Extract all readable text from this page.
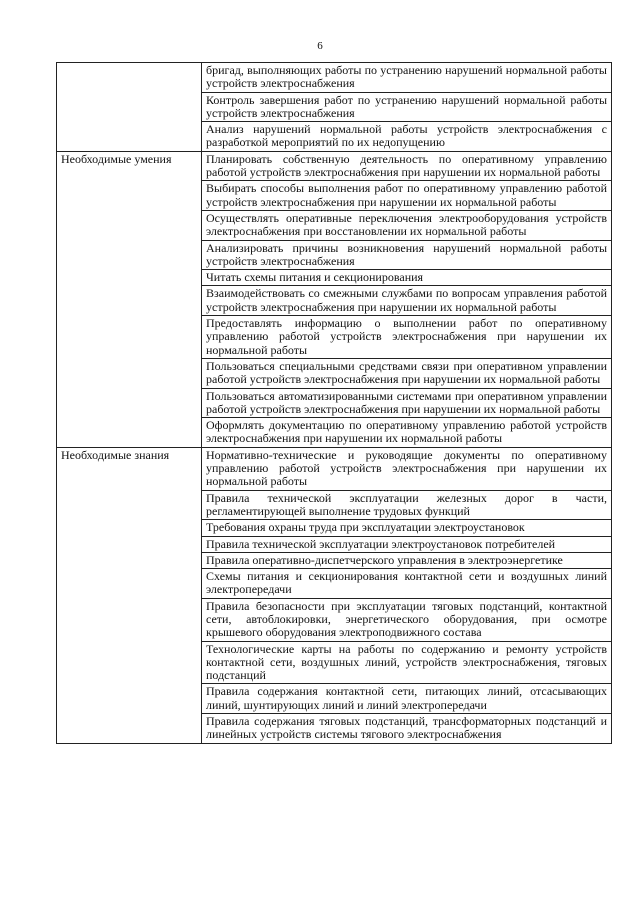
6
	бригад, выполняющих работы по устранению нарушений нормальной работы устройств электроснабжения
	Контроль завершения работ по устранению нарушений нормальной работы устройств электроснабжения
	Анализ нарушений нормальной работы устройств электроснабжения с разработкой мероприятий по их недопущению
Необходимые умения	Планировать собственную деятельность по оперативному управлению работой устройств электроснабжения при нарушении их нормальной работы
	Выбирать способы выполнения работ по оперативному управлению работой устройств электроснабжения при нарушении их нормальной работы
	Осуществлять оперативные переключения электрооборудования устройств электроснабжения при восстановлении их нормальной работы
	Анализировать причины возникновения нарушений нормальной работы устройств электроснабжения
	Читать схемы питания и секционирования
	Взаимодействовать со смежными службами по вопросам управления работой устройств электроснабжения при нарушении их нормальной работы
	Предоставлять информацию о выполнении работ по оперативному управлению работой устройств электроснабжения при нарушении их нормальной работы
	Пользоваться специальными средствами связи при оперативном управлении работой устройств электроснабжения при нарушении их нормальной работы
	Пользоваться автоматизированными системами при оперативном управлении работой устройств электроснабжения при нарушении их нормальной работы
	Оформлять документацию по оперативному управлению работой устройств электроснабжения при нарушении их нормальной работы
Необходимые знания	Нормативно-технические и руководящие документы по оперативному управлению работой устройств электроснабжения при нарушении их нормальной работы
	Правила технической эксплуатации железных дорог в части, регламентирующей выполнение трудовых функций
	Требования охраны труда при эксплуатации электроустановок
	Правила технической эксплуатации электроустановок потребителей
	Правила оперативно-диспетчерского управления в электроэнергетике
	Схемы питания и секционирования контактной сети и воздушных линий электропередачи
	Правила безопасности при эксплуатации тяговых подстанций, контактной сети, автоблокировки, энергетического оборудования, при осмотре крышевого оборудования электроподвижного состава
	Технологические карты на работы по содержанию и ремонту устройств контактной сети, воздушных линий, устройств электроснабжения, тяговых подстанций
	Правила содержания контактной сети, питающих линий, отсасывающих линий, шунтирующих линий и линий электропередачи
	Правила содержания тяговых подстанций, трансформаторных подстанций и линейных устройств системы тягового электроснабжения
